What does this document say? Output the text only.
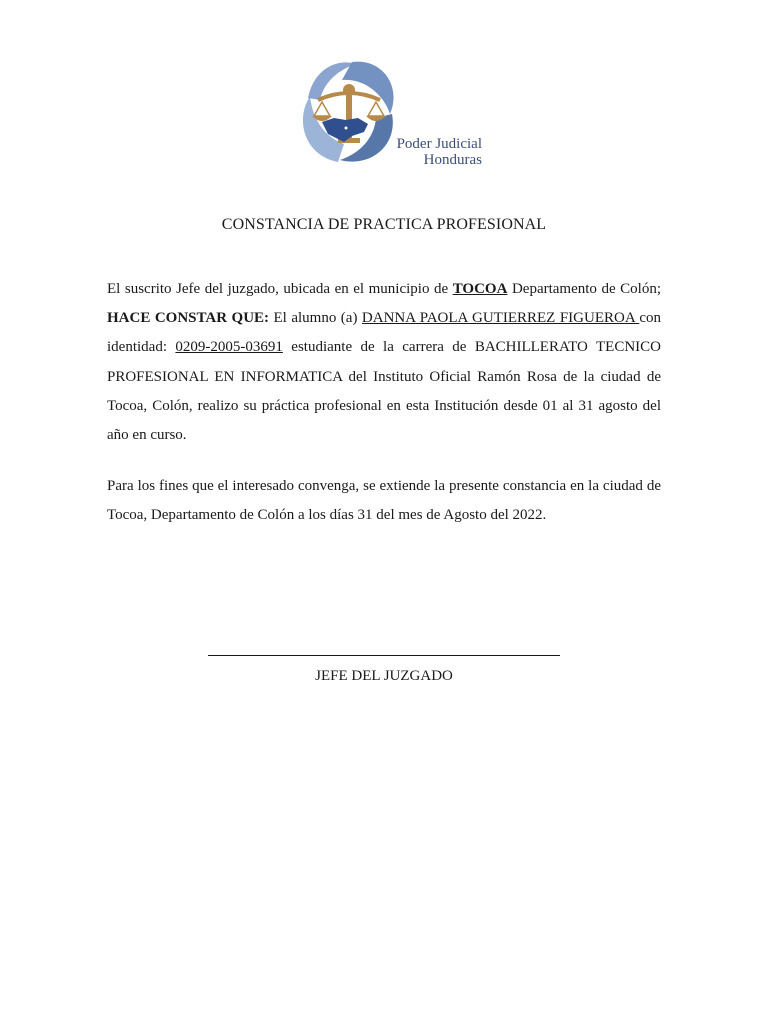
Poder Judicial
Honduras
CONSTANCIA DE PRACTICA PROFESIONAL

El suscrito Jefe del juzgado, ubicada en el municipio de TOCOA Departamento de Colón; HACE CONSTAR QUE: El alumno (a) DANNA PAOLA GUTIERREZ FIGUEROA con identidad: 0209-2005-03691 estudiante de la carrera de BACHILLERATO TECNICO PROFESIONAL EN INFORMATICA del Instituto Oficial Ramón Rosa de la ciudad de Tocoa, Colón, realizo su práctica profesional en esta Institución desde 01 al 31 agosto del año en curso.

Para los fines que el interesado convenga, se extiende la presente constancia en la ciudad de Tocoa, Departamento de Colón a los días 31 del mes de Agosto del 2022.

JEFE DEL JUZGADO
